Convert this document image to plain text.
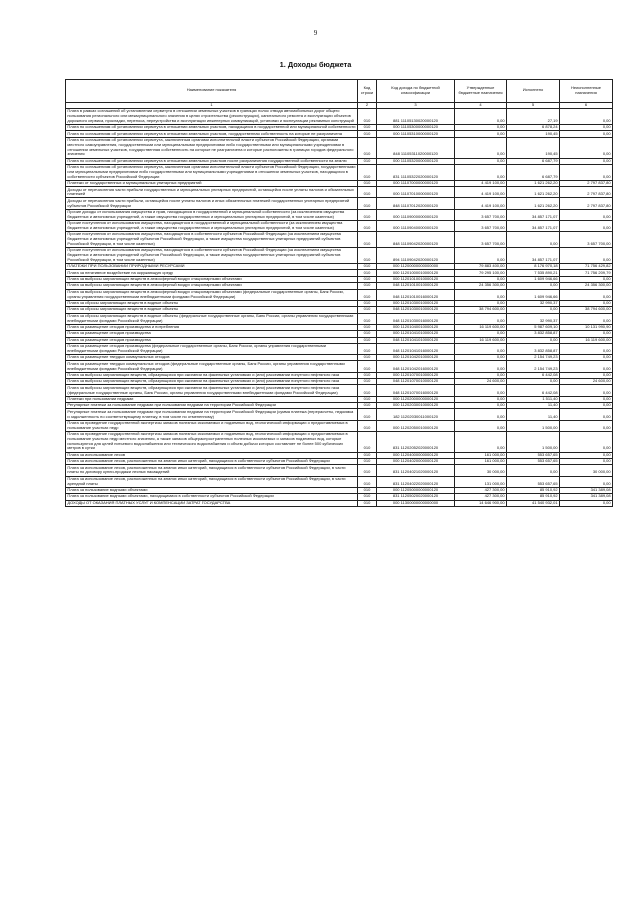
9
1. Доходы бюджета
Наименование показателя	Код строки	Код дохода по бюджетной классификации	Утвержденные бюджетные назначения	Исполнено	Неисполненные назначения
1	2	3	4	5	6
Плата в рамках соглашений об установлении сервитута в отношении земельных участков в границах полос отвода автомобильных дорог общего пользования регионального или межмуниципального значения в целях строительства (реконструкции), капитального ремонта и эксплуатации объектов дорожного сервиса, прокладки, переноса, переустройства и эксплуатации инженерных коммуникаций, установки и эксплуатации рекламных конструкций	010	881 11105130020000120	0,00	27,19	0,00
Плата по соглашениям об установлении сервитута в отношении земельных участков, находящихся в государственной или муниципальной собственности	010	000 11105300000000120	0,00	6 878,24	0,00
Плата по соглашениям об установлении сервитута в отношении земельных участков, государственная собственность на которые не разграничена	010	000 11105310000000120	0,00	190,45	0,00
Плата по соглашениям об установлении сервитута, заключенным органами исполнительной власти субъектов Российской Федерации, органами местного самоуправления, государственными или муниципальными предприятиями либо государственными или муниципальными учреждениями в отношении земельных участков, государственная собственность на которые не разграничена и которые расположены в границах городов федерального значения	010	848 11105311020000120	0,00	190,45	0,00
Плата по соглашениям об установлении сервитута в отношении земельных участков после разграничения государственной собственности на землю	010	000 11105320000000120	0,00	6 687,79	0,00
Плата по соглашениям об установлении сервитута, заключенным органами исполнительной власти субъектов Российской Федерации, государственными или муниципальными предприятиями либо государственными или муниципальными учреждениями в отношении земельных участков, находящихся в собственности субъектов Российской Федерации	010	831 11105322020000120	0,00	6 687,79	0,00
Платежи от государственных и муниципальных унитарных предприятий	010	000 11107000000000120	4 419 100,00	1 621 262,20	2 797 837,80
Доходы от перечисления части прибыли государственных и муниципальных унитарных предприятий, остающейся после уплаты налогов и обязательных платежей	010	000 11107010000000120	4 419 100,00	1 621 262,20	2 797 837,80
Доходы от перечисления части прибыли, остающейся после уплаты налогов и иных обязательных платежей государственных унитарных предприятий субъектов Российской Федерации	010	848 11107012020000120	4 419 100,00	1 621 262,20	2 797 837,80
Прочие доходы от использования имущества и прав, находящихся в государственной и муниципальной собственности (за исключением имущества бюджетных и автономных учреждений, а также имущества государственных и муниципальных унитарных предприятий, в том числе казенных)	010	000 11109000000000120	3 657 700,00	34 857 171,07	0,00
Прочие поступления от использования имущества, находящегося в государственной и муниципальной собственности (за исключением имущества бюджетных и автономных учреждений, а также имущества государственных и муниципальных унитарных предприятий, в том числе казенных)	010	000 11109040000000120	3 657 700,00	34 857 171,07	0,00
Прочие поступления от использования имущества, находящегося в собственности субъектов Российской Федерации (за исключением имущества бюджетных и автономных учреждений субъектов Российской Федерации, а также имущества государственных унитарных предприятий субъектов Российской Федерации, в том числе казенных)	010	848 11109042020000120	3 657 700,00	0,00	3 657 700,00
Прочие поступления от использования имущества, находящегося в собственности субъектов Российской Федерации (за исключением имущества бюджетных и автономных учреждений субъектов Российской Федерации, а также имущества государственных унитарных предприятий субъектов Российской Федерации, в том числе казенных)	010	894 11109042020000120	0,00	34 857 171,07	0,00
ПЛАТЕЖИ ПРИ ПОЛЬЗОВАНИИ ПРИРОДНЫМИ РЕСУРСАМИ	010	000 11200000000000000	79 883 400,00	8 176 970,18	71 756 429,82
Плата за негативное воздействие на окружающую среду	010	000 11201000010000120	79 295 100,00	7 535 890,21	71 756 209,79
Плата за выбросы загрязняющих веществ в атмосферный воздух стационарными объектами	010	000 11201010010000120	0,00	1 609 946,66	0,00
Плата за выбросы загрязняющих веществ в атмосферный воздух стационарными объектами	010	048 11201010010000120	24 356 300,00	0,00	24 356 300,00
Плата за выбросы загрязняющих веществ в атмосферный воздух стационарными объектами (федеральные государственные органы, Банк России, органы управления государственными внебюджетными фондами Российской Федерации)	010	048 11201010016000120	0,00	1 609 946,66	0,00
Плата за сбросы загрязняющих веществ в водные объекты	010	000 11201030010000120	0,00	32 990,37	0,00
Плата за сбросы загрязняющих веществ в водные объекты	010	048 11201030010000120	38 794 600,00	0,00	38 794 600,00
Плата за сбросы загрязняющих веществ в водные объекты (федеральные государственные органы, Банк России, органы управления государственными внебюджетными фондами Российской Федерации)	010	048 11201030016000120	0,00	32 990,37	0,00
Плата за размещение отходов производства и потребления	010	000 11201040010000120	16 119 600,00	5 987 609,10	10 131 990,90
Плата за размещение отходов производства	010	000 11201041010000120	0,00	3 832 858,87	0,00
Плата за размещение отходов производства	010	048 11201041010000120	16 119 600,00	0,00	16 119 600,00
Плата за размещение отходов производства (федеральные государственные органы, Банк России, органы управления государственными внебюджетными фондами Российской Федерации)	010	048 11201041016000120	0,00	3 832 858,87	0,00
Плата за размещение твердых коммунальных отходов	010	000 11201042010000120	0,00	2 154 749,23	0,00
Плата за размещение твердых коммунальных отходов (федеральные государственные органы, Банк России, органы управления государственными внебюджетными фондами Российской Федерации)	010	048 11201042016000120	0,00	2 154 749,23	0,00
Плата за выбросы загрязняющих веществ, образующихся при сжигании на факельных установках и (или) рассеивании попутного нефтяного газа	010	000 11201070010000120	0,00	6 442,08	0,00
Плата за выбросы загрязняющих веществ, образующихся при сжигании на факельных установках и (или) рассеивании попутного нефтяного газа	010	048 11201070010000120	24 600,00	0,00	24 600,00
Плата за выбросы загрязняющих веществ, образующихся при сжигании на факельных установках и (или) рассеивании попутного нефтяного газа (федеральные государственные органы, Банк России, органы управления государственными внебюджетными фондами Российской Федерации)	010	048 11201070016000120	0,00	6 442,08	0,00
Платежи при пользовании недрами	010	000 11202000000000120	0,00	1 511,40	0,00
Регулярные платежи за пользование недрами при пользовании недрами на территории Российской Федерации	010	000 11202030010000120	0,00	11,40	0,00
Регулярные платежи за пользование недрами при пользовании недрами на территории Российской Федерации (сумма платежа (перерасчеты, недоимка и задолженность по соответствующему платежу, в том числе по отмененному)	010	182 11202030011000120	0,00	11,40	0,00
Плата за проведение государственной экспертизы запасов полезных ископаемых и подземных вод, геологической информации о предоставляемых в пользование участках недр	010	000 11202050010000120	0,00	1 500,00	0,00
Плата за проведение государственной экспертизы запасов полезных ископаемых и подземных вод, геологической информации о предоставляемых в пользование участках недр местного значения, а также запасов общераспространенных полезных ископаемых и запасов подземных вод, которые используются для целей питьевого водоснабжения или технического водоснабжения и объем добычи которых составляет не более 500 кубических метров в сутки	010	831 11202052020000120	0,00	1 500,00	0,00
Плата за использование лесов	010	000 11204000000000120	161 000,00	553 657,65	0,00
Плата за использование лесов, расположенных на землях иных категорий, находящихся в собственности субъектов Российской Федерации	010	000 11204020000000120	161 000,00	553 657,65	0,00
Плата за использование лесов, расположенных на землях иных категорий, находящихся в собственности субъектов Российской Федерации, в части платы по договору купли-продажи лесных насаждений	010	831 11204021020000120	30 000,00	0,00	30 000,00
Плата за использование лесов, расположенных на землях иных категорий, находящихся в собственности субъектов Российской Федерации, в части арендной платы	010	831 11204022020000120	131 000,00	553 657,65	0,00
Плата за пользование водными объектами	010	000 11205000000000120	427 300,00	85 910,92	341 389,08
Плата за пользование водными объектами, находящимися в собственности субъектов Российской Федерации	010	831 11205020020000120	427 300,00	85 910,92	341 389,08
ДОХОДЫ ОТ ОКАЗАНИЯ ПЛАТНЫХ УСЛУГ И КОМПЕНСАЦИИ ЗАТРАТ ГОСУДАРСТВА	010	000 11300000000000000	14 646 900,00	41 540 932,01	0,00
